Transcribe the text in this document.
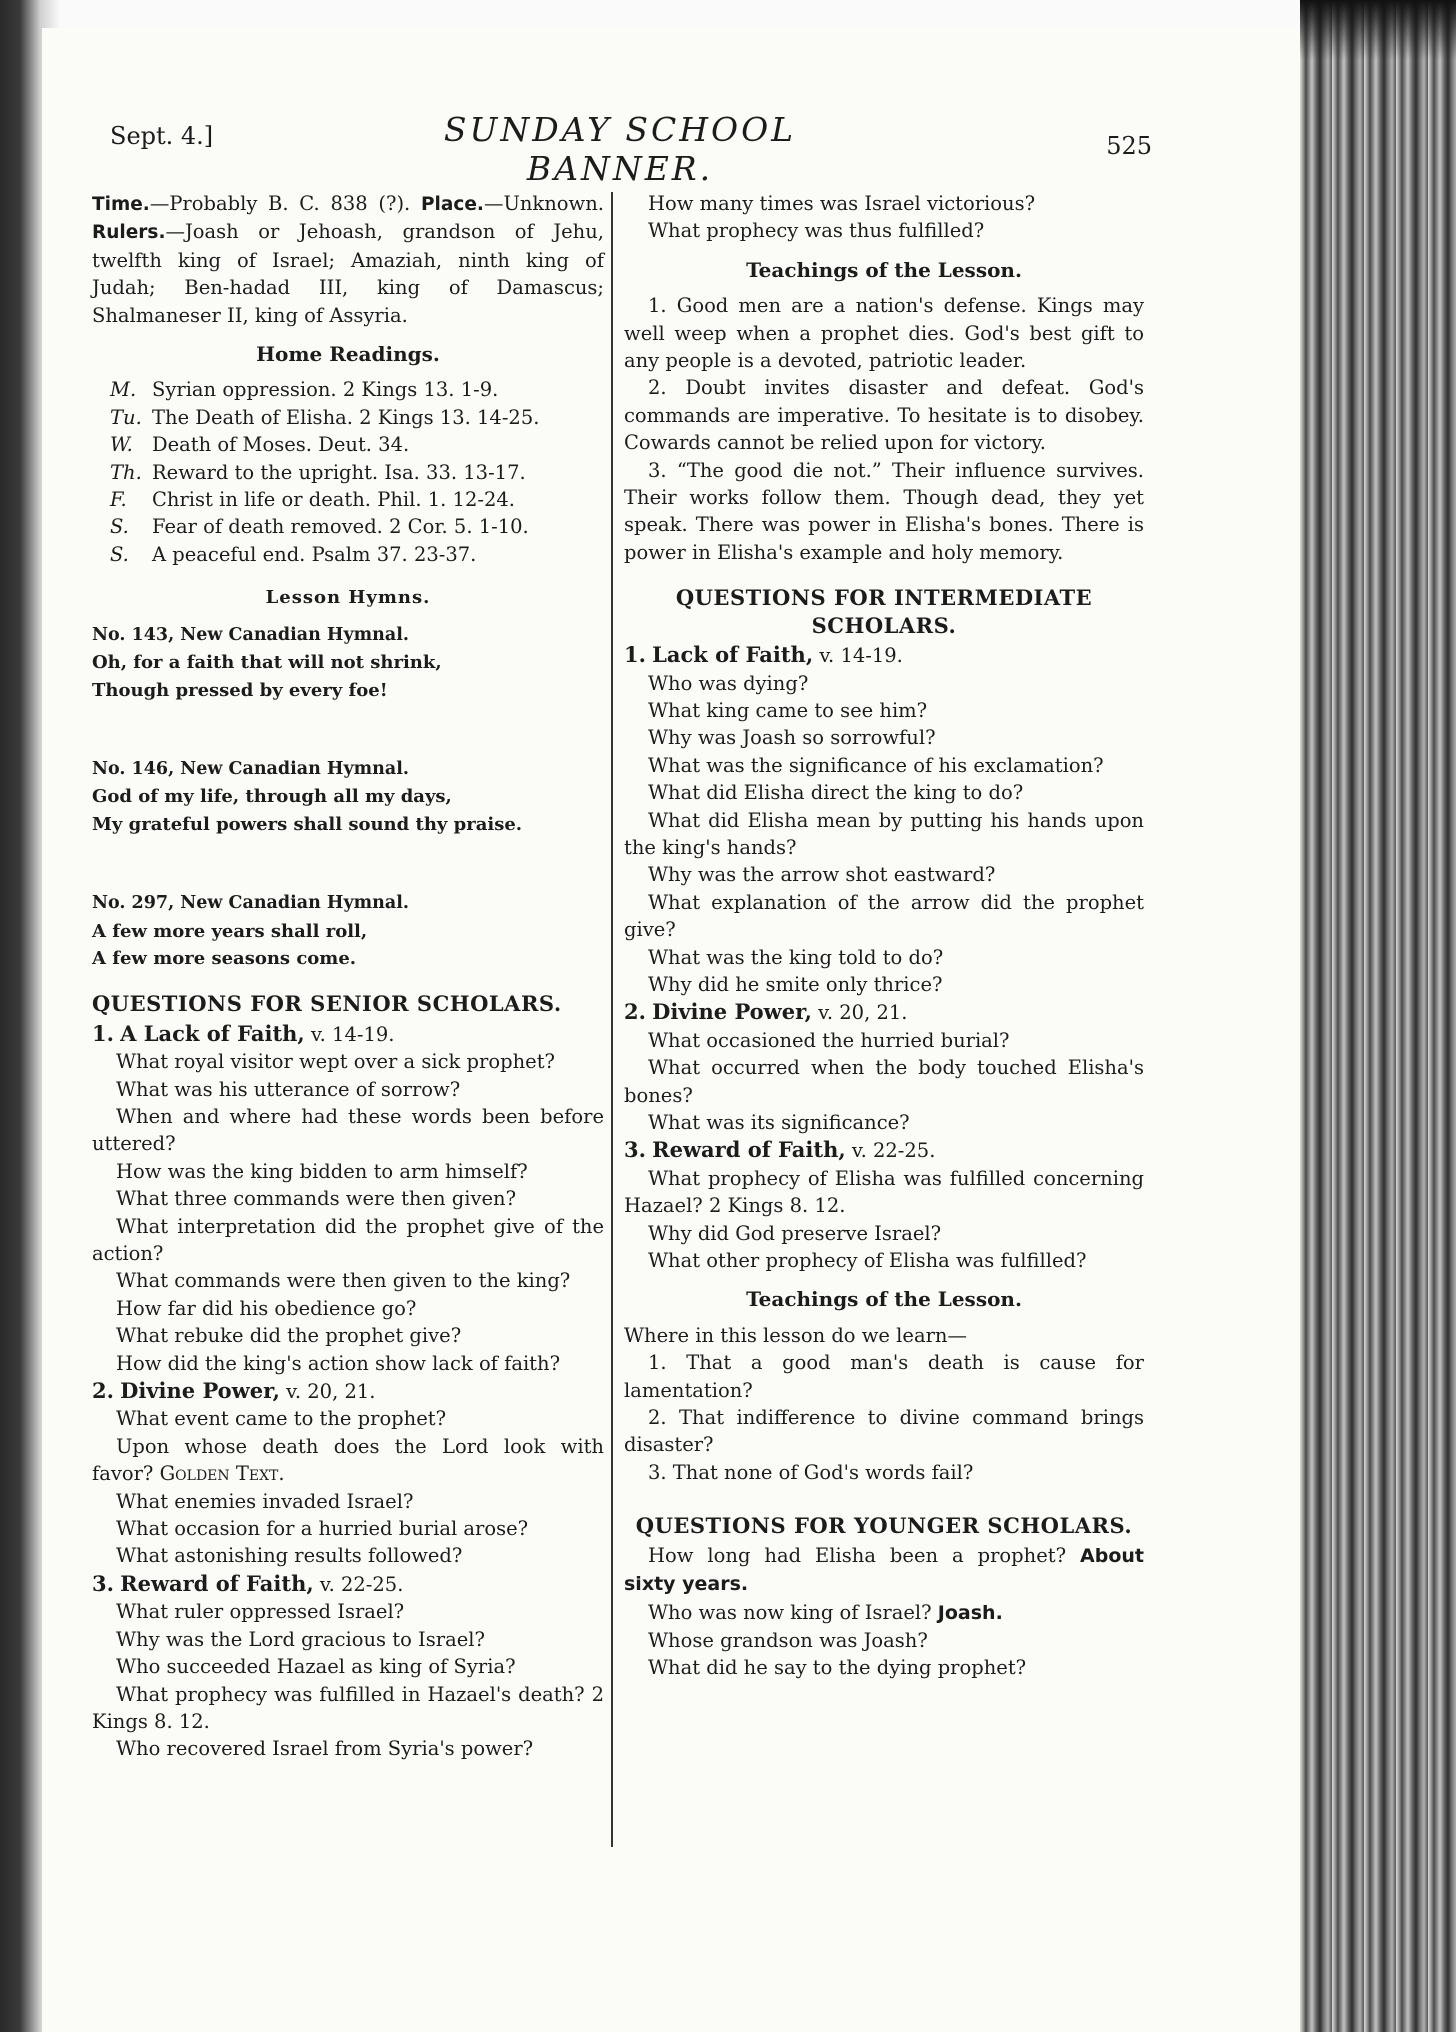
Sept. 4.]	SUNDAY SCHOOL BANNER.
525

Time.—Probably B. C. 838 (?). Place.—Unknown. Rulers.—Joash or Jehoash, grandson of Jehu, twelfth king of Israel; Amaziah, ninth king of Judah; Ben-hadad III, king of Damascus; Shalmaneser II, king of Assyria.

Home Readings.

M. Syrian oppression. 2 Kings 13. 1-9.

Tu. The Death of Elisha. 2 Kings 13. 14-25.

W. Death of Moses. Deut. 34.

Th. Reward to the upright. Isa. 33. 13-17.

F. Christ in life or death. Phil. 1. 12-24.

S. Fear of death removed. 2 Cor. 5. 1-10.

S. A peaceful end. Psalm 37. 23-37.

Lesson Hymns.

No. 143, New Canadian Hymnal.

Oh, for a faith that will not shrink,

Though pressed by every foe!

No. 146, New Canadian Hymnal.

God of my life, through all my days,

My grateful powers shall sound thy praise.

No. 297, New Canadian Hymnal.

A few more years shall roll,

A few more seasons come.

QUESTIONS FOR SENIOR SCHOLARS.

1. A Lack of Faith, v. 14-19.

What royal visitor wept over a sick prophet?

What was his utterance of sorrow?

When and where had these words been before uttered?

How was the king bidden to arm himself?

What three commands were then given?

What interpretation did the prophet give of the action?

What commands were then given to the king?

How far did his obedience go?

What rebuke did the prophet give?

How did the king's action show lack of faith?

2. Divine Power, v. 20, 21.

What event came to the prophet?

Upon whose death does the Lord look with favor? Golden Text.

What enemies invaded Israel?

What occasion for a hurried burial arose?

What astonishing results followed?

3. Reward of Faith, v. 22-25.

What ruler oppressed Israel?

Why was the Lord gracious to Israel?

Who succeeded Hazael as king of Syria?

What prophecy was fulfilled in Hazael's death? 2 Kings 8. 12.

Who recovered Israel from Syria's power?

How many times was Israel victorious?

What prophecy was thus fulfilled?

Teachings of the Lesson.

1. Good men are a nation's defense. Kings may well weep when a prophet dies. God's best gift to any people is a devoted, patriotic leader.

2. Doubt invites disaster and defeat. God's commands are imperative. To hesitate is to disobey. Cowards cannot be relied upon for victory.

3. “The good die not.” Their influence survives. Their works follow them. Though dead, they yet speak. There was power in Elisha's bones. There is power in Elisha's example and holy memory.

QUESTIONS FOR INTERMEDIATE SCHOLARS.

1. Lack of Faith, v. 14-19.

Who was dying?

What king came to see him?

Why was Joash so sorrowful?

What was the significance of his exclamation?

What did Elisha direct the king to do?

What did Elisha mean by putting his hands upon the king's hands?

Why was the arrow shot eastward?

What explanation of the arrow did the prophet give?

What was the king told to do?

Why did he smite only thrice?

2. Divine Power, v. 20, 21.

What occasioned the hurried burial?

What occurred when the body touched Elisha's bones?

What was its significance?

3. Reward of Faith, v. 22-25.

What prophecy of Elisha was fulfilled concerning Hazael? 2 Kings 8. 12.

Why did God preserve Israel?

What other prophecy of Elisha was fulfilled?

Teachings of the Lesson.

Where in this lesson do we learn—

1. That a good man's death is cause for lamentation?

2. That indifference to divine command brings disaster?

3. That none of God's words fail?

QUESTIONS FOR YOUNGER SCHOLARS.

How long had Elisha been a prophet? About sixty years.

Who was now king of Israel? Joash.

Whose grandson was Joash?

What did he say to the dying prophet?
